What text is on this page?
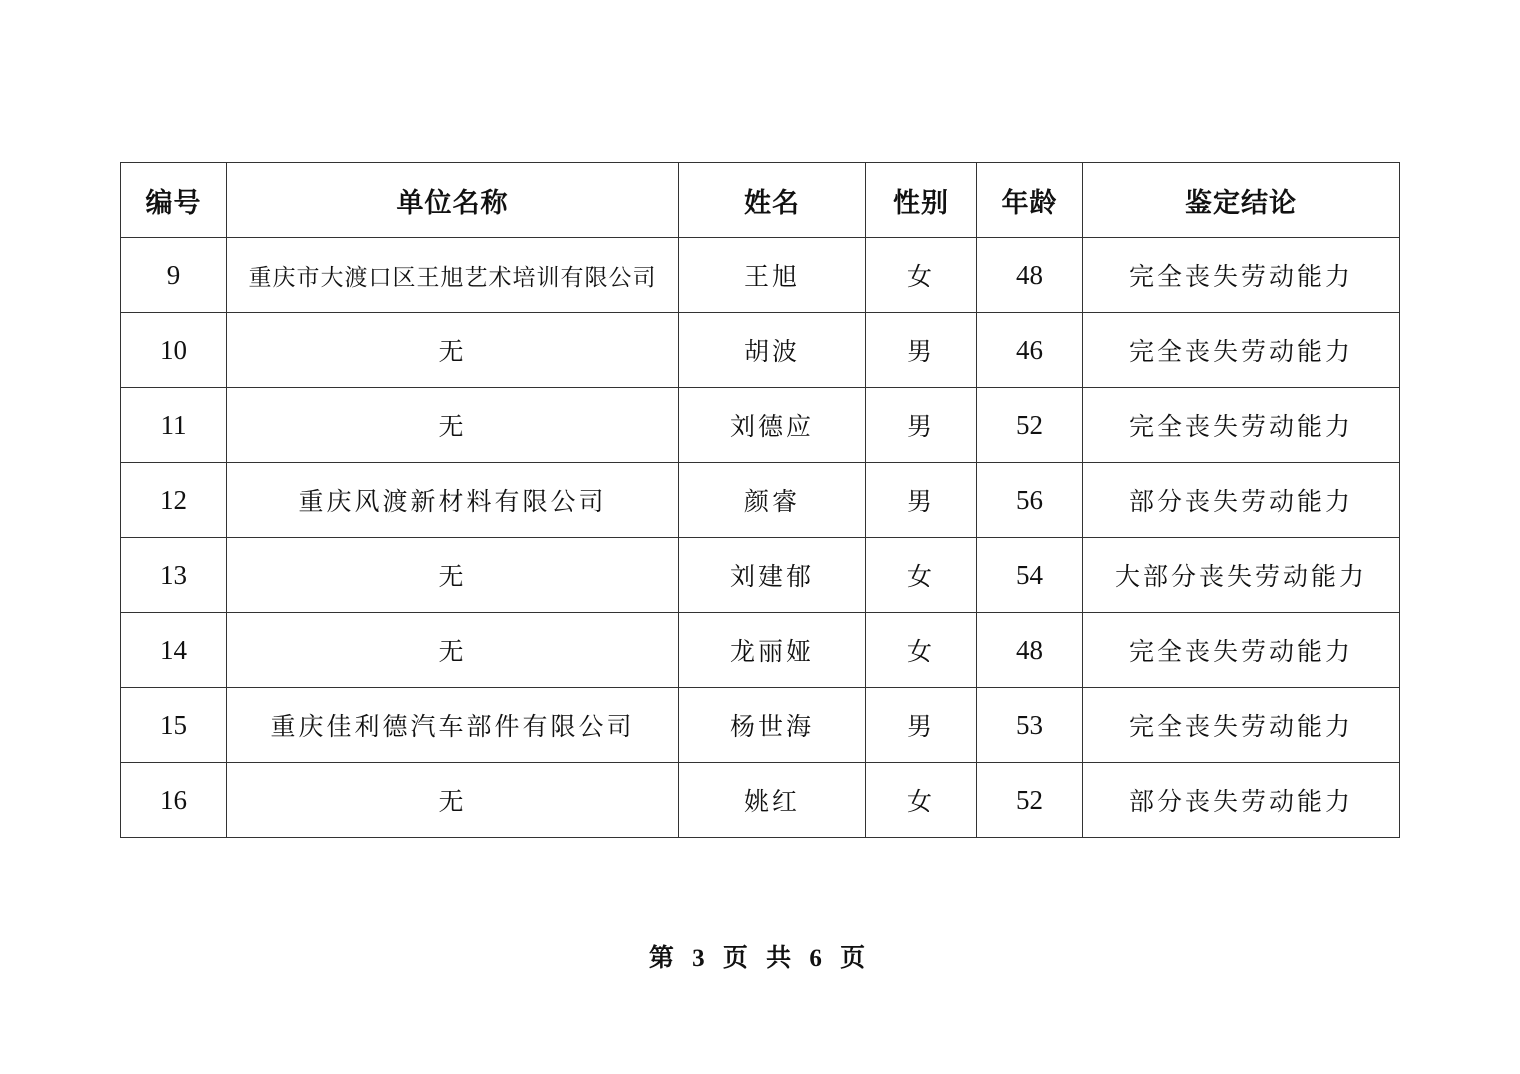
编号	单位名称	姓名	性别	年龄	鉴定结论
9	重庆市大渡口区王旭艺术培训有限公司	王旭	女	48	完全丧失劳动能力
10	无	胡波	男	46	完全丧失劳动能力
11	无	刘德应	男	52	完全丧失劳动能力
12	重庆风渡新材料有限公司	颜睿	男	56	部分丧失劳动能力
13	无	刘建郁	女	54	大部分丧失劳动能力
14	无	龙丽娅	女	48	完全丧失劳动能力
15	重庆佳利德汽车部件有限公司	杨世海	男	53	完全丧失劳动能力
16	无	姚红	女	52	部分丧失劳动能力
第 3 页 共 6 页
